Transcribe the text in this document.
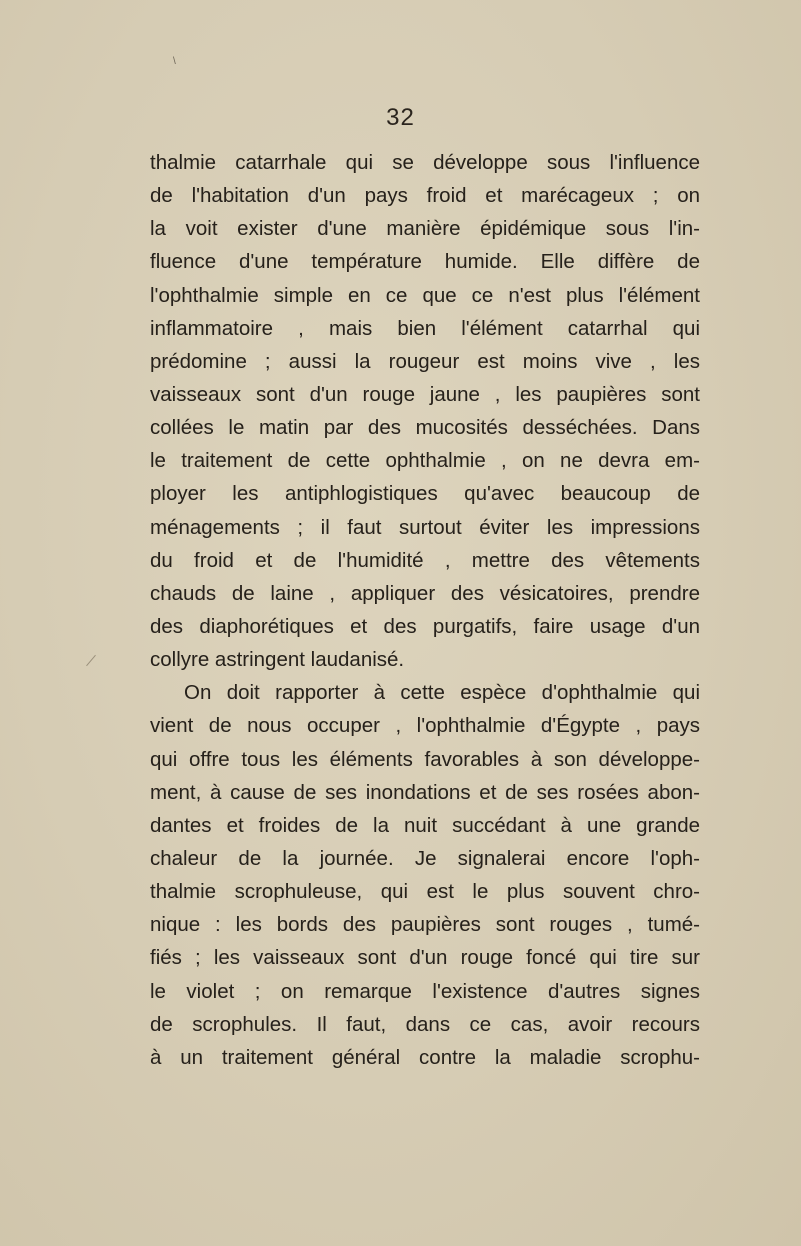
\
32
thalmie catarrhale qui se développe sous l'influence
de l'habitation d'un pays froid et marécageux ; on
la voit exister d'une manière épidémique sous l'in-
fluence d'une température humide. Elle diffère de
l'ophthalmie simple en ce que ce n'est plus l'élément
inflammatoire , mais bien l'élément catarrhal qui
prédomine ; aussi la rougeur est moins vive , les
vaisseaux sont d'un rouge jaune , les paupières sont
collées le matin par des mucosités desséchées. Dans
le traitement de cette ophthalmie , on ne devra em-
ployer les antiphlogistiques qu'avec beaucoup de
ménagements ; il faut surtout éviter les impressions
du froid et de l'humidité , mettre des vêtements
chauds de laine , appliquer des vésicatoires, prendre
des diaphorétiques et des purgatifs, faire usage d'un
collyre astringent laudanisé.
On doit rapporter à cette espèce d'ophthalmie qui
vient de nous occuper , l'ophthalmie d'Égypte , pays
qui offre tous les éléments favorables à son développe-
ment, à cause de ses inondations et de ses rosées abon-
dantes et froides de la nuit succédant à une grande
chaleur de la journée. Je signalerai encore l'oph-
thalmie scrophuleuse, qui est le plus souvent chro-
nique : les bords des paupières sont rouges , tumé-
fiés ; les vaisseaux sont d'un rouge foncé qui tire sur
le violet ; on remarque l'existence d'autres signes
de scrophules. Il faut, dans ce cas, avoir recours
à un traitement général contre la maladie scrophu-
